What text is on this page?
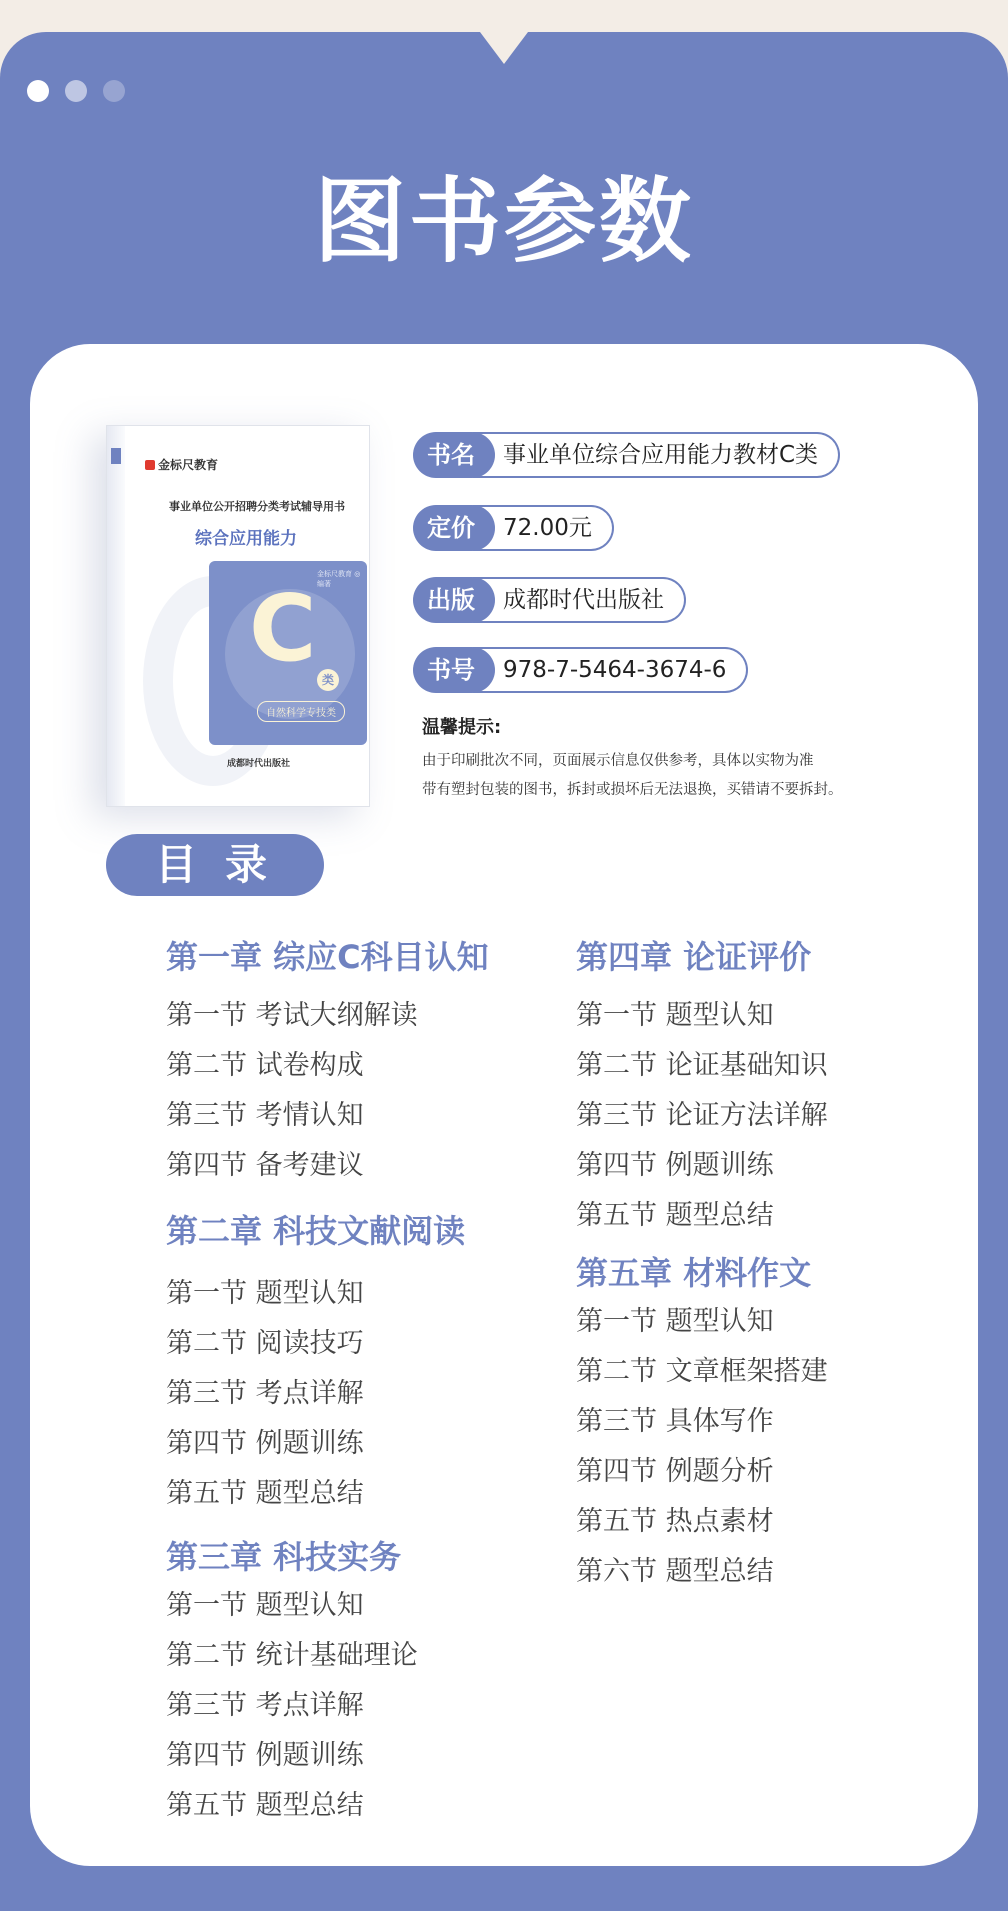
图书参数
金标尺教育
事业单位公开招聘分类考试辅导用书
综合应用能力
金标尺教育 ◎ 编著
C 类
自然科学专技类
成都时代出版社
书名	事业单位综合应用能力教材C类
定价	72.00元
出版	成都时代出版社
书号	978-7-5464-3674-6
温馨提示:
由于印刷批次不同，页面展示信息仅供参考，具体以实物为准
带有塑封包装的图书，拆封或损坏后无法退换，买错请不要拆封。
目录
第一章 综应C科目认知
第一节 考试大纲解读
第二节 试卷构成
第三节 考情认知
第四节 备考建议
第二章 科技文献阅读
第一节 题型认知
第二节 阅读技巧
第三节 考点详解
第四节 例题训练
第五节 题型总结
第三章 科技实务
第一节 题型认知
第二节 统计基础理论
第三节 考点详解
第四节 例题训练
第五节 题型总结
第四章 论证评价
第一节 题型认知
第二节 论证基础知识
第三节 论证方法详解
第四节 例题训练
第五节 题型总结
第五章 材料作文
第一节 题型认知
第二节 文章框架搭建
第三节 具体写作
第四节 例题分析
第五节 热点素材
第六节 题型总结
